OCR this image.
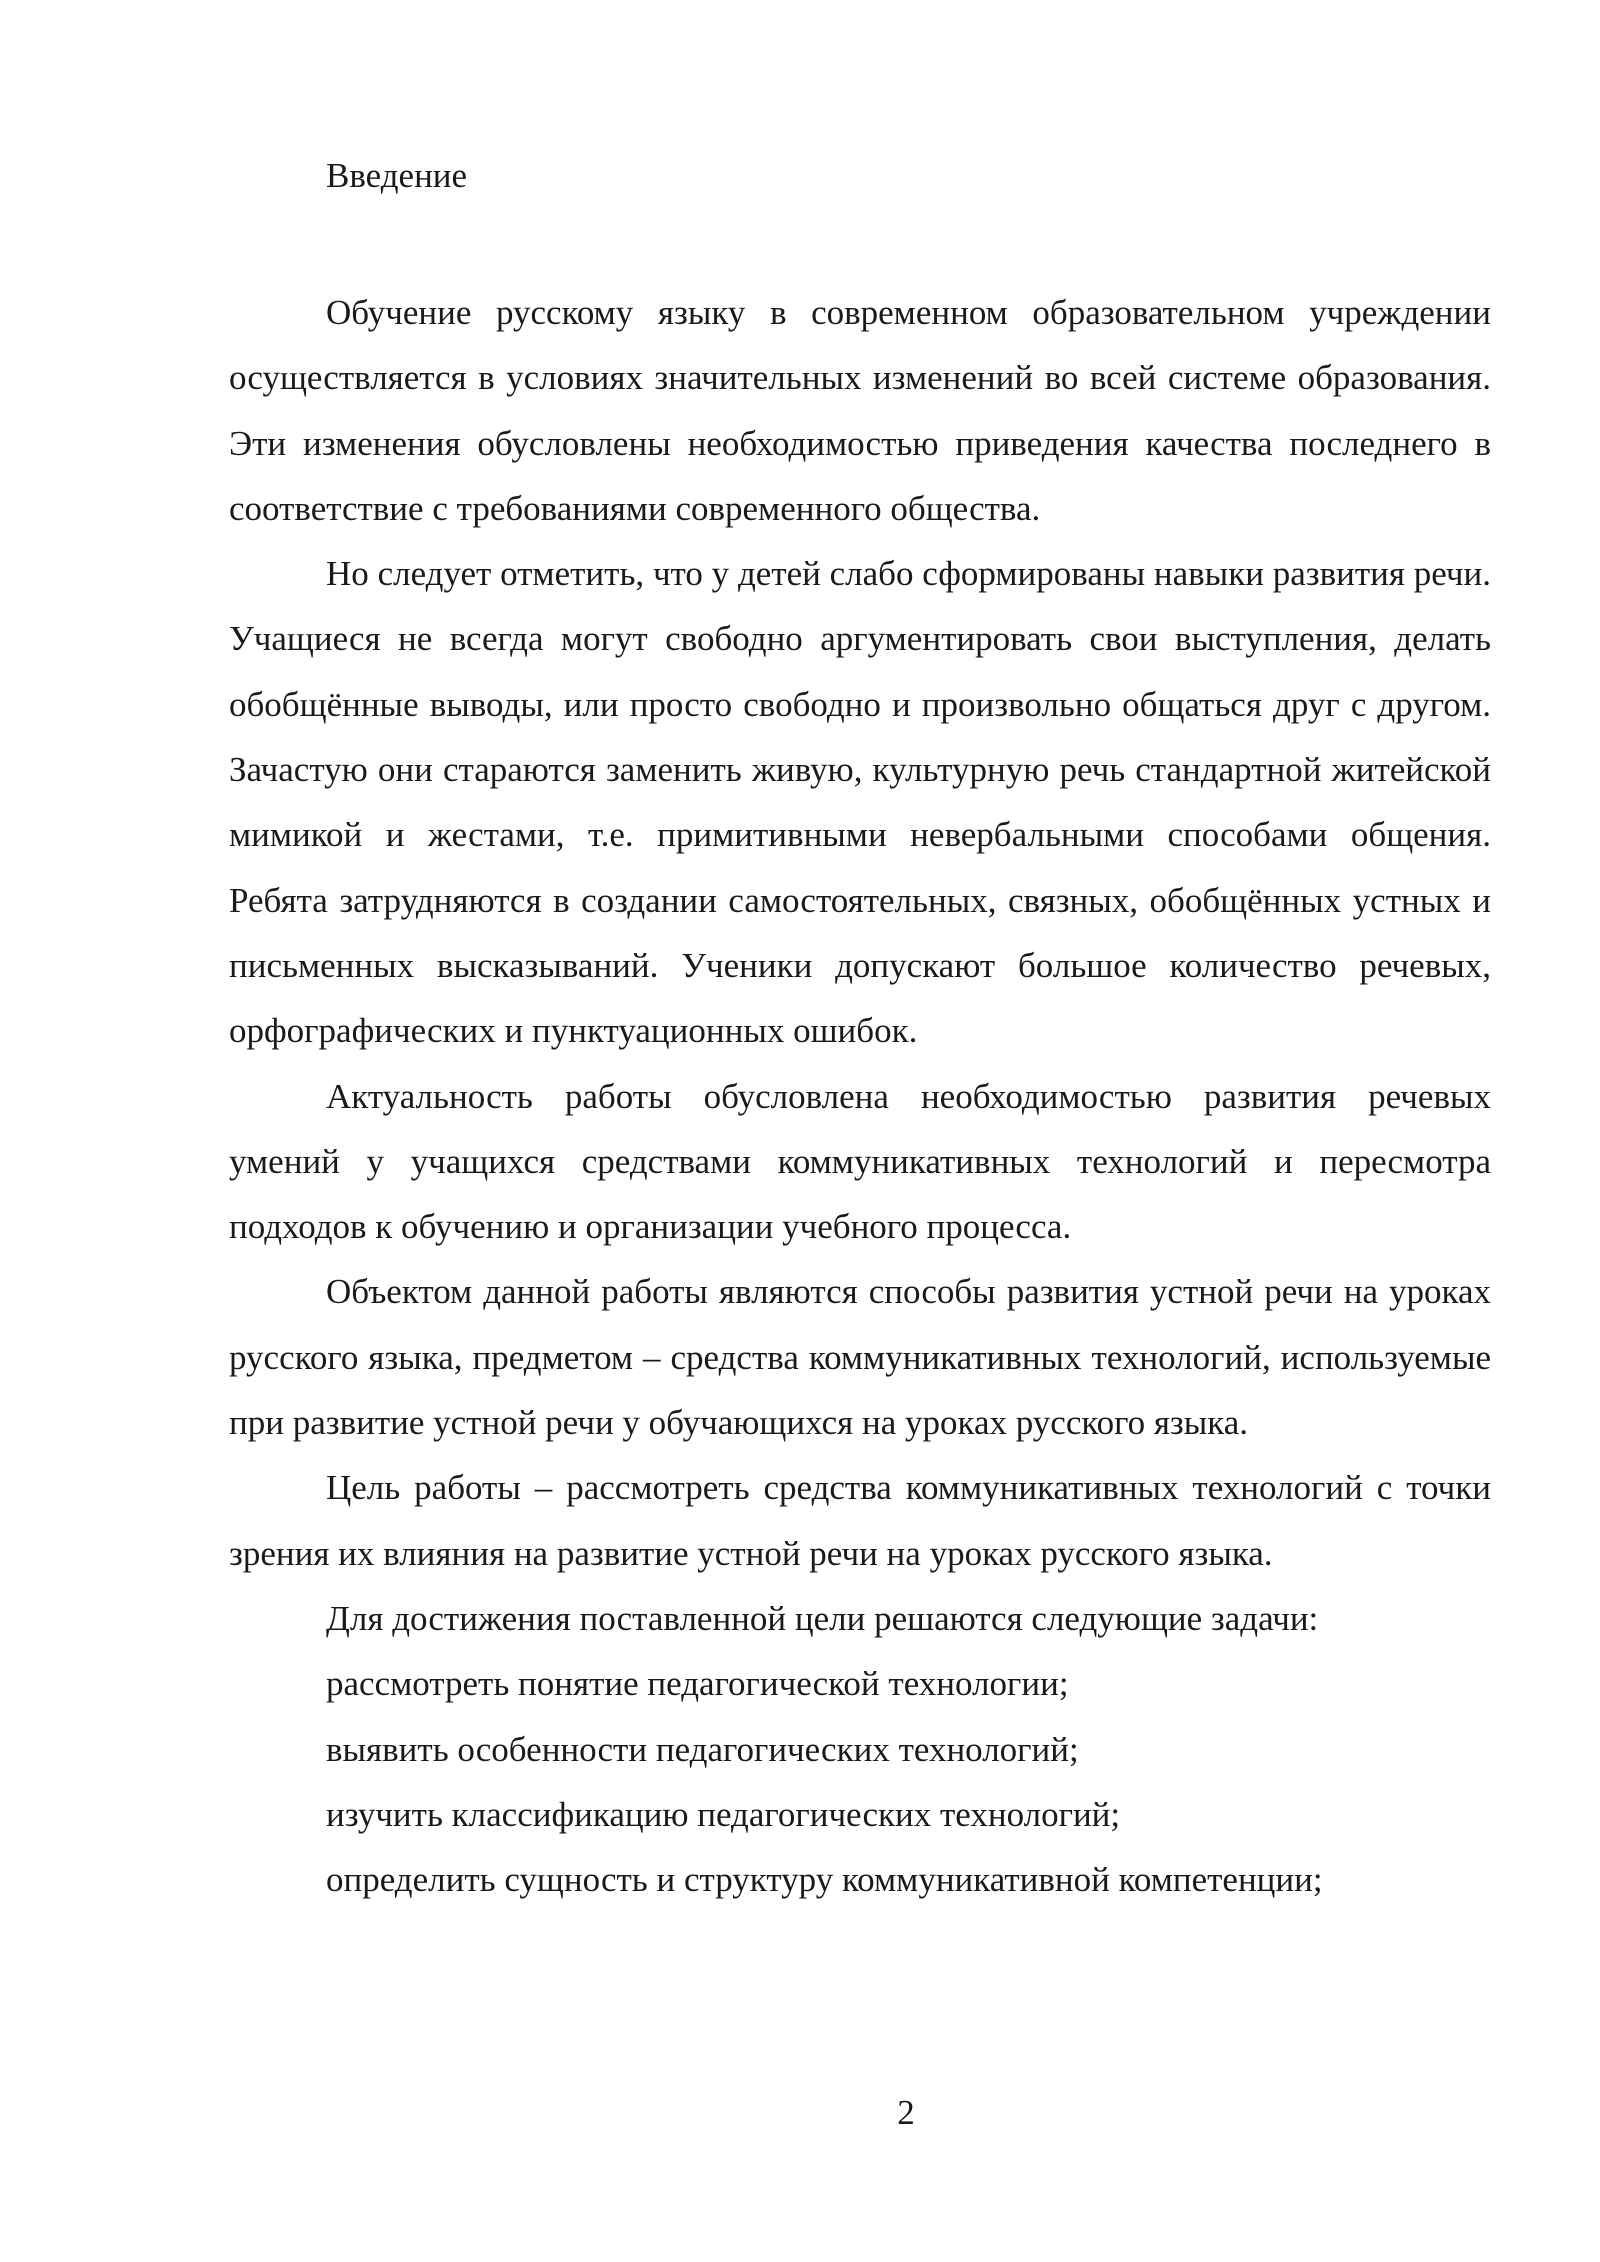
Введение

Обучение русскому языку в современном образовательном учреждении осуществляется в условиях значительных изменений во всей системе образования. Эти изменения обусловлены необходимостью приведения качества последнего в соответствие с требованиями современного общества.

Но следует отметить, что у детей слабо сформированы навыки развития речи. Учащиеся не всегда могут свободно аргументировать свои выступления, делать обобщённые выводы, или просто свободно и произвольно общаться друг с другом. Зачастую они стараются заменить живую, культурную речь стандартной житейской мимикой и жестами, т.е. примитивными невербальными способами общения. Ребята затрудняются в создании самостоятельных, связных, обобщённых устных и письменных высказываний. Ученики допускают большое количество речевых, орфографических и пунктуационных ошибок.

Актуальность работы обусловлена необходимостью развития речевых умений у учащихся средствами коммуникативных технологий и пересмотра подходов к обучению и организации учебного процесса.

Объектом данной работы являются способы развития устной речи на уроках русского языка, предметом – средства коммуникативных технологий, используемые при развитие устной речи у обучающихся на уроках русского языка.

Цель работы – рассмотреть средства коммуникативных технологий с точки зрения их влияния на развитие устной речи на уроках русского языка.

Для достижения поставленной цели решаются следующие задачи:

рассмотреть понятие педагогической технологии;

выявить особенности педагогических технологий;

изучить классификацию педагогических технологий;

определить сущность и структуру коммуникативной компетенции;

2
